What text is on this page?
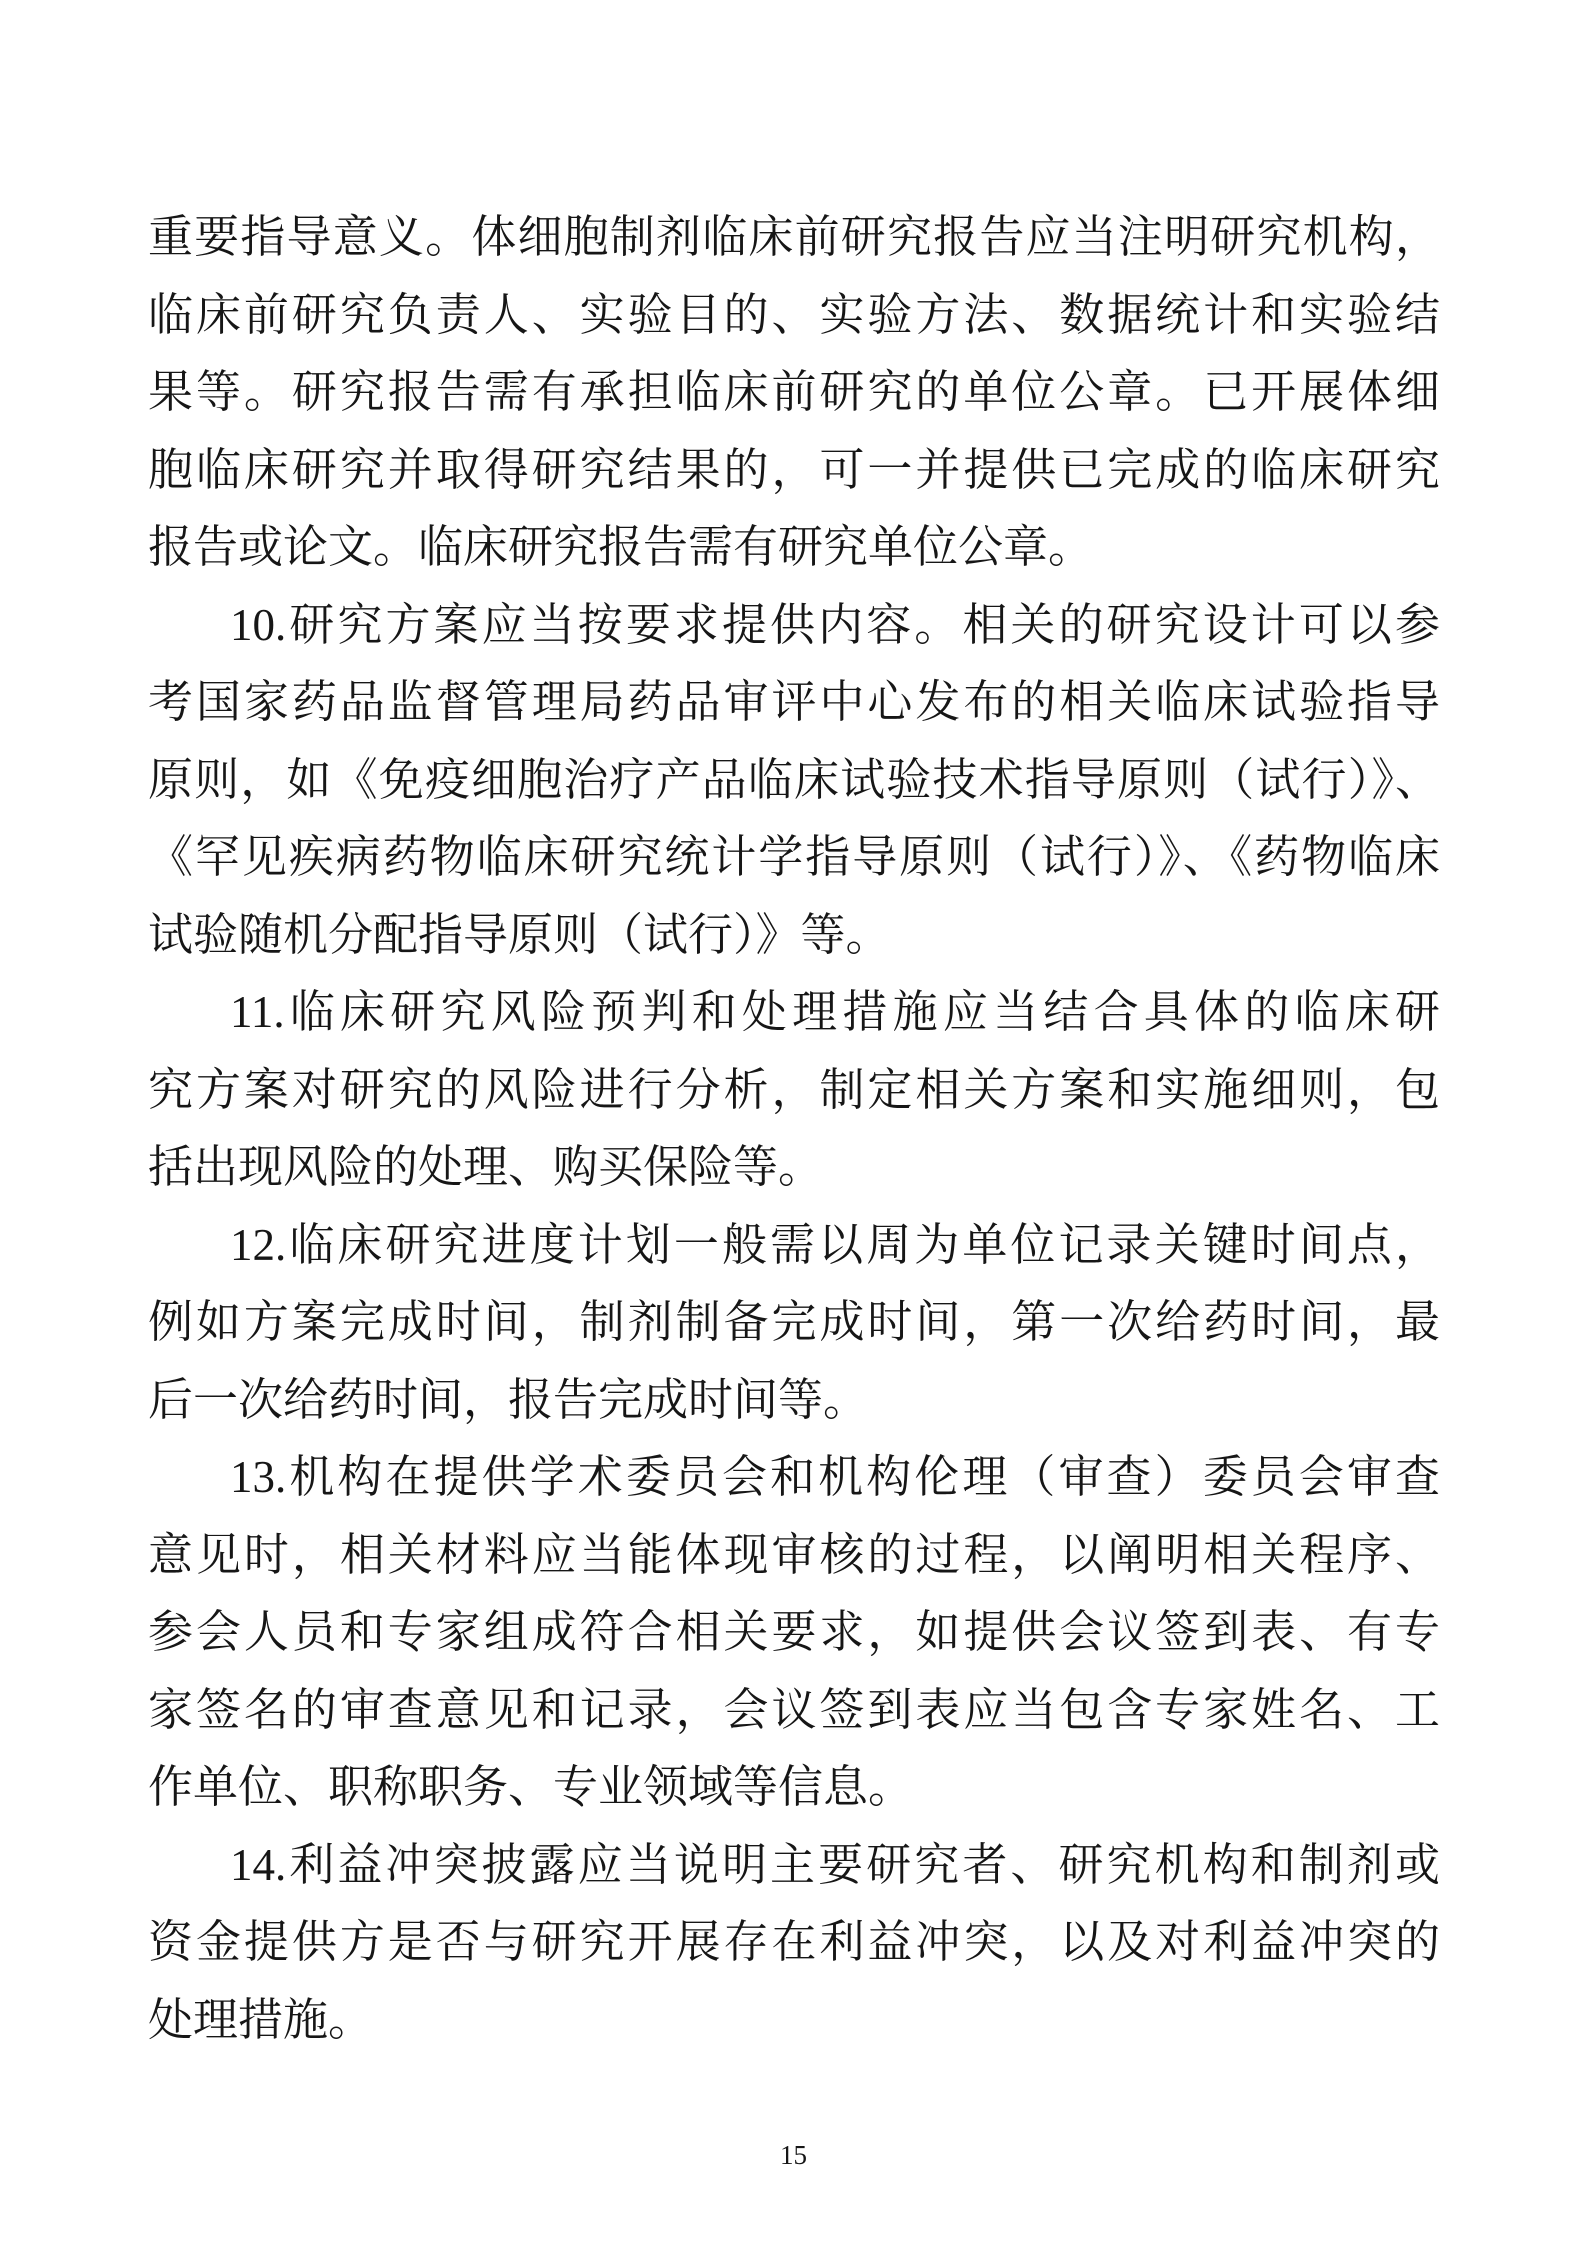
重要指导意义。体细胞制剂临床前研究报告应当注明研究机构，
临床前研究负责人、实验目的、实验方法、数据统计和实验结
果等。研究报告需有承担临床前研究的单位公章。已开展体细
胞临床研究并取得研究结果的，可一并提供已完成的临床研究
报告或论文。临床研究报告需有研究单位公章。
10.研究方案应当按要求提供内容。相关的研究设计可以参
考国家药品监督管理局药品审评中心发布的相关临床试验指导
原则，如《免疫细胞治疗产品临床试验技术指导原则（试行）》、
《罕见疾病药物临床研究统计学指导原则（试行）》、《药物临床
试验随机分配指导原则（试行）》等。
11.临床研究风险预判和处理措施应当结合具体的临床研
究方案对研究的风险进行分析，制定相关方案和实施细则，包
括出现风险的处理、购买保险等。
12.临床研究进度计划一般需以周为单位记录关键时间点，
例如方案完成时间，制剂制备完成时间，第一次给药时间，最
后一次给药时间，报告完成时间等。
13.机构在提供学术委员会和机构伦理（审查）委员会审查
意见时，相关材料应当能体现审核的过程，以阐明相关程序、
参会人员和专家组成符合相关要求，如提供会议签到表、有专
家签名的审查意见和记录，会议签到表应当包含专家姓名、工
作单位、职称职务、专业领域等信息。
14.利益冲突披露应当说明主要研究者、研究机构和制剂或
资金提供方是否与研究开展存在利益冲突，以及对利益冲突的
处理措施。
15
